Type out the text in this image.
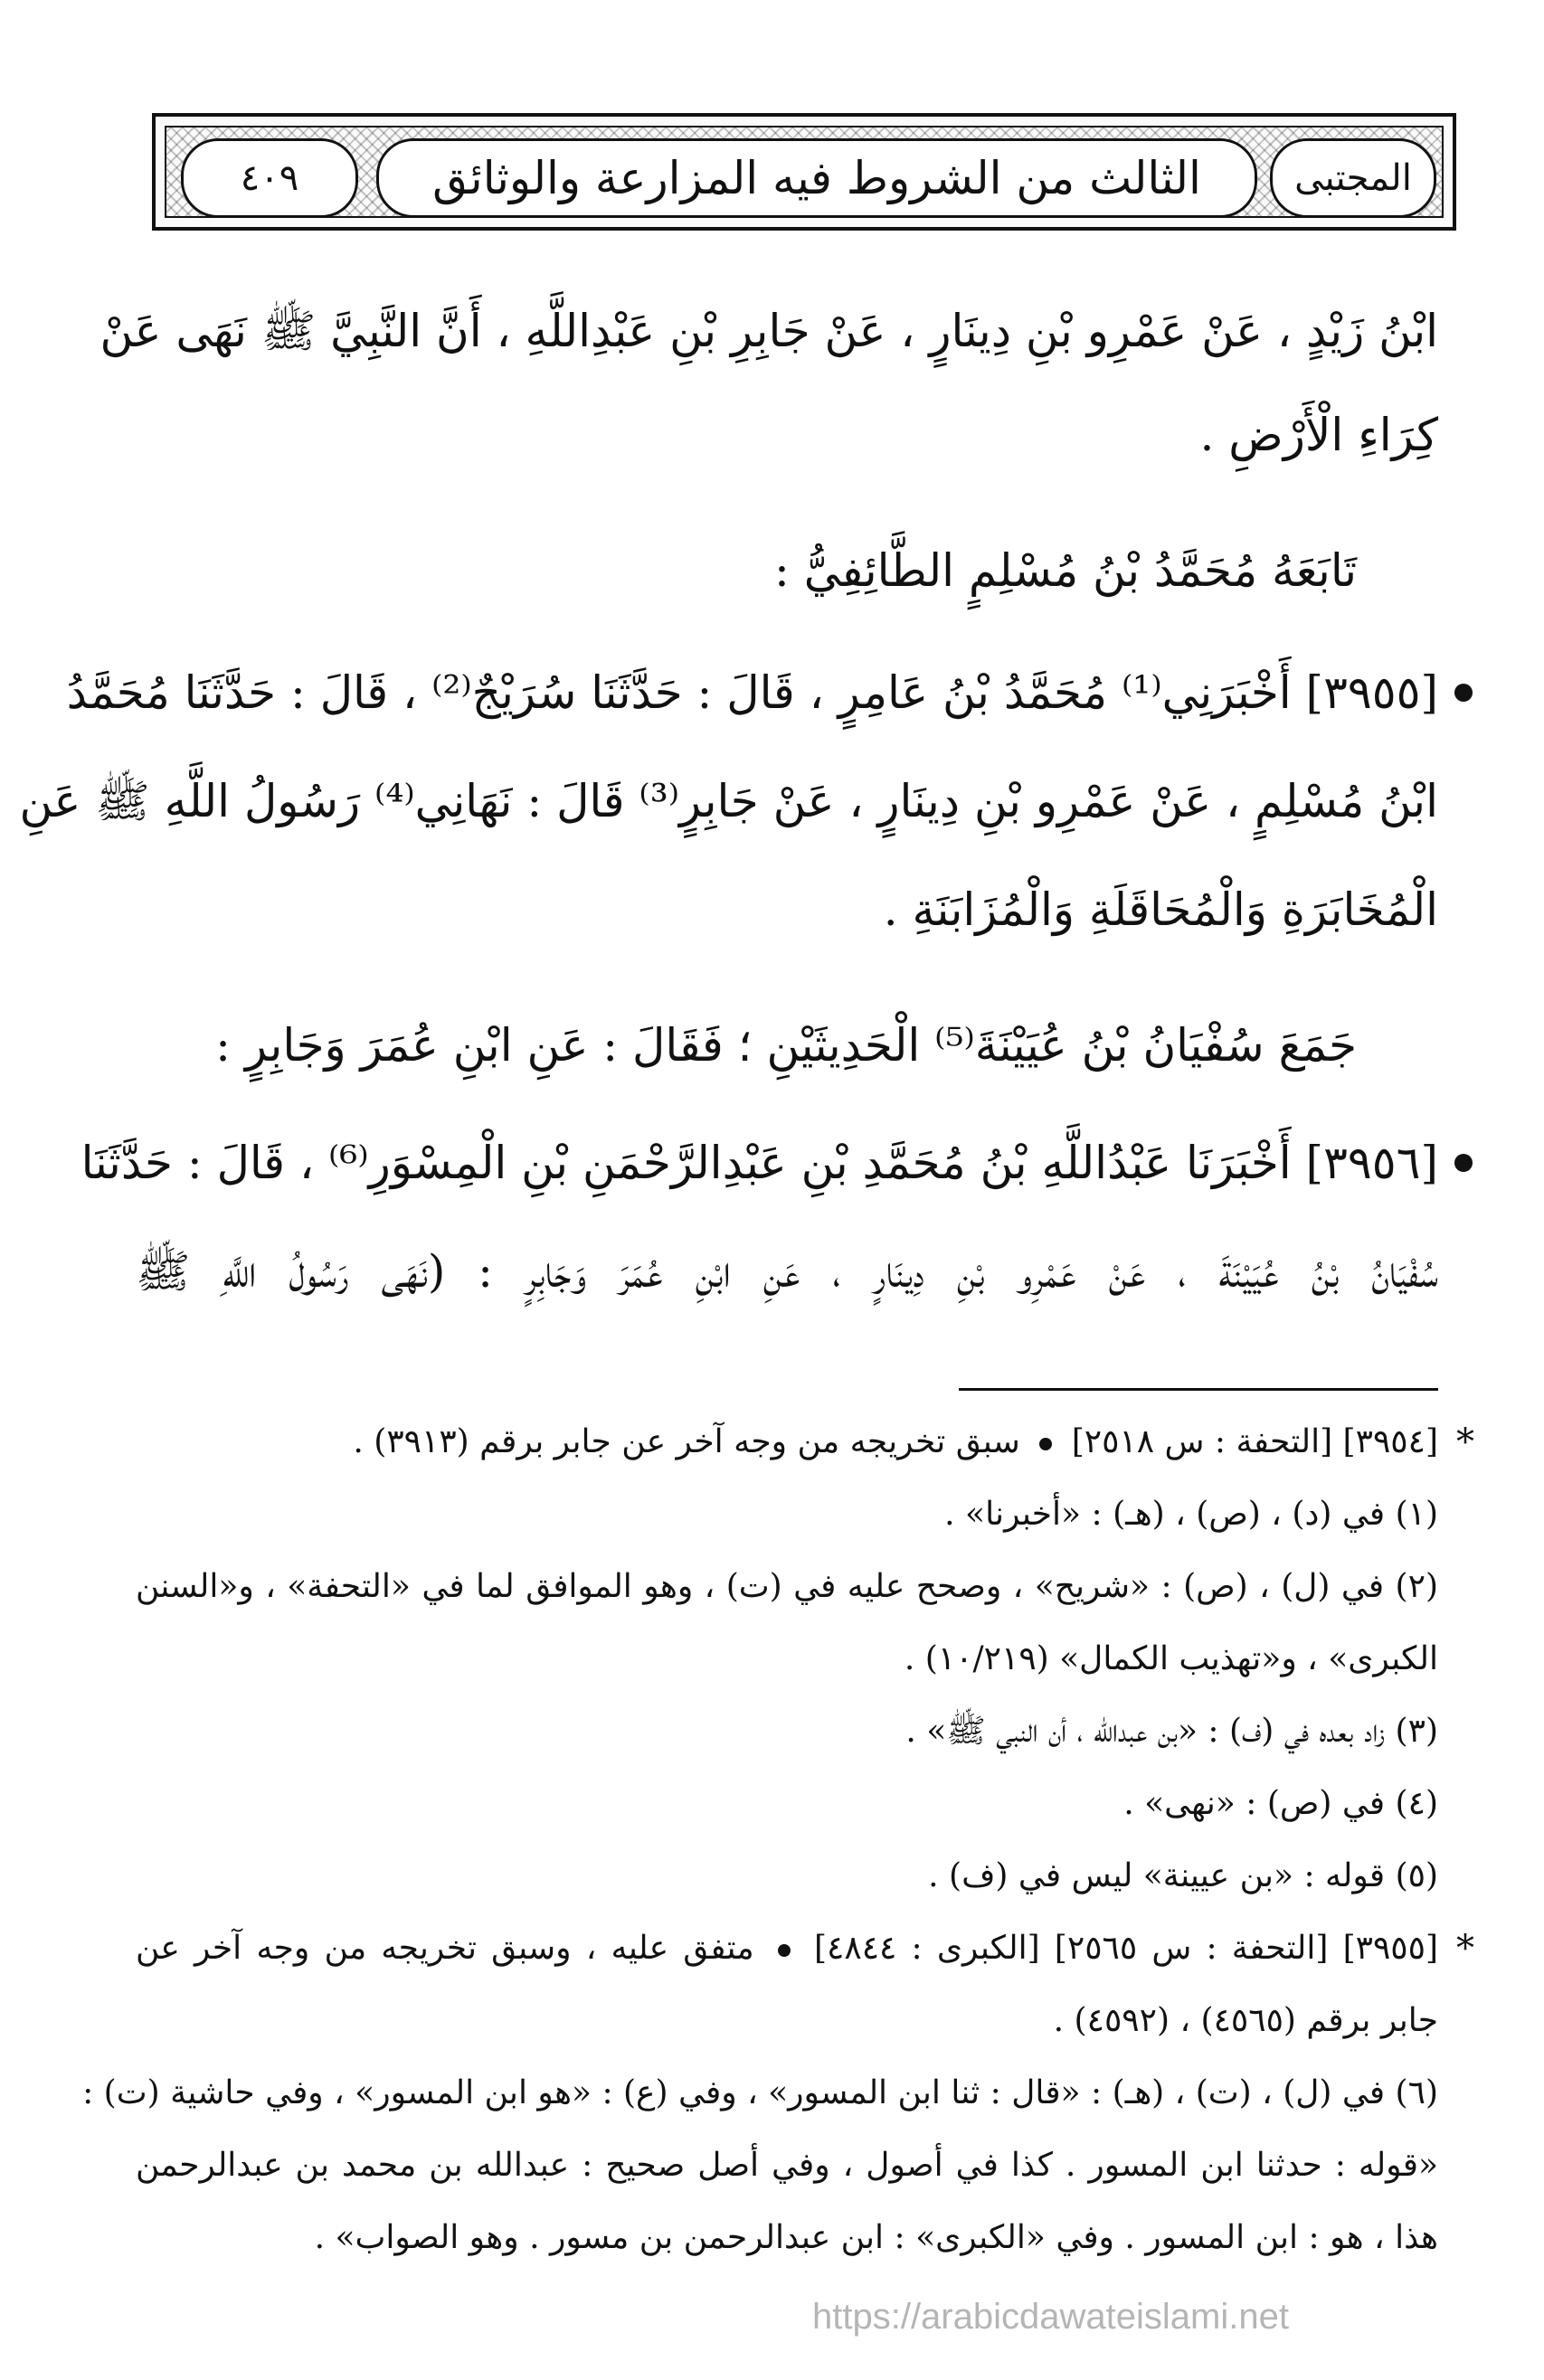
٤٠٩	الثالث من الشروط فيه المزارعة والوثائق	المجتبى
ابْنُ زَيْدٍ ، عَنْ عَمْرِو بْنِ دِينَارٍ ، عَنْ جَابِرِ بْنِ عَبْدِاللَّهِ ، أَنَّ النَّبِيَّ ﷺ نَهَى عَنْ
كِرَاءِ الْأَرْضِ .
تَابَعَهُ مُحَمَّدُ بْنُ مُسْلِمٍ الطَّائِفِيُّ :
[٣٩٥٥] أَخْبَرَنِي⁽¹⁾ مُحَمَّدُ بْنُ عَامِرٍ ، قَالَ : حَدَّثَنَا سُرَيْجٌ⁽²⁾ ، قَالَ : حَدَّثَنَا مُحَمَّدُ
ابْنُ مُسْلِمٍ ، عَنْ عَمْرِو بْنِ دِينَارٍ ، عَنْ جَابِرٍ⁽³⁾ قَالَ : نَهَانِي⁽⁴⁾ رَسُولُ اللَّهِ ﷺ عَنِ
الْمُخَابَرَةِ وَالْمُحَاقَلَةِ وَالْمُزَابَنَةِ .
جَمَعَ سُفْيَانُ بْنُ عُيَيْنَةَ⁽⁵⁾ الْحَدِيثَيْنِ ؛ فَقَالَ : عَنِ ابْنِ عُمَرَ وَجَابِرٍ :
[٣٩٥٦] أَخْبَرَنَا عَبْدُاللَّهِ بْنُ مُحَمَّدِ بْنِ عَبْدِالرَّحْمَنِ بْنِ الْمِسْوَرِ⁽⁶⁾ ، قَالَ : حَدَّثَنَا
سُفْيَانُ بْنُ عُيَيْنَةَ ، عَنْ عَمْرِو بْنِ دِينَارٍ ، عَنِ ابْنِ عُمَرَ وَجَابِرٍ : (نَهَى رَسُولُ اللَّهِ ﷺ
*
[٣٩٥٤] [التحفة : س ٢٥١٨]  سبق تخريجه من وجه آخر عن جابر برقم (٣٩١٣) .
(١) في (د) ، (ص) ، (هـ) : «أخبرنا» .
(٢) في (ل) ، (ص) : «شريح» ، وصحح عليه في (ت) ، وهو الموافق لما في «التحفة» ، و«السنن
الكبرى» ، و«تهذيب الكمال» (١٠/٢١٩) .
(٣) زاد بعده في (ف) : «بن عبدالله ، أن النبي ﷺ» .
(٤) في (ص) : «نهى» .
(٥) قوله : «بن عيينة» ليس في (ف) .
*
[٣٩٥٥] [التحفة : س ٢٥٦٥] [الكبرى : ٤٨٤٤]  متفق عليه ، وسبق تخريجه من وجه آخر عن
جابر برقم (٤٥٦٥) ، (٤٥٩٢) .
(٦) في (ل) ، (ت) ، (هـ) : «قال : ثنا ابن المسور» ، وفي (ع) : «هو ابن المسور» ، وفي حاشية (ت) :
«قوله : حدثنا ابن المسور . كذا في أصول ، وفي أصل صحيح : عبدالله بن محمد بن عبدالرحمن
هذا ، هو : ابن المسور . وفي «الكبرى» : ابن عبدالرحمن بن مسور . وهو الصواب» .
https://arabicdawateislami.net
